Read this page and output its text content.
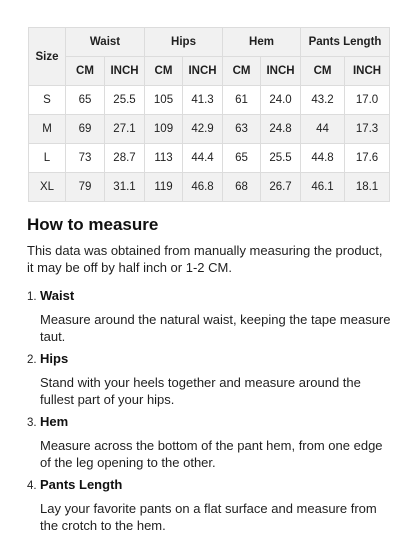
Size	Waist		Hips		Hem		Pants Length	
	CM	INCH	CM	INCH	CM	INCH	CM	INCH
S	65	25.5	105	41.3	61	24.0	43.2	17.0
M	69	27.1	109	42.9	63	24.8	44	17.3
L	73	28.7	113	44.4	65	25.5	44.8	17.6
XL	79	31.1	119	46.8	68	26.7	46.1	18.1
How to measure

This data was obtained from manually measuring the product, it may be off by half inch or 1-2 CM.

1. Waist
Measure around the natural waist, keeping the tape measure taut.
2. Hips
Stand with your heels together and measure around the fullest part of your hips.
3. Hem
Measure across the bottom of the pant hem, from one edge of the leg opening to the other.
4. Pants Length
Lay your favorite pants on a flat surface and measure from the crotch to the hem.
